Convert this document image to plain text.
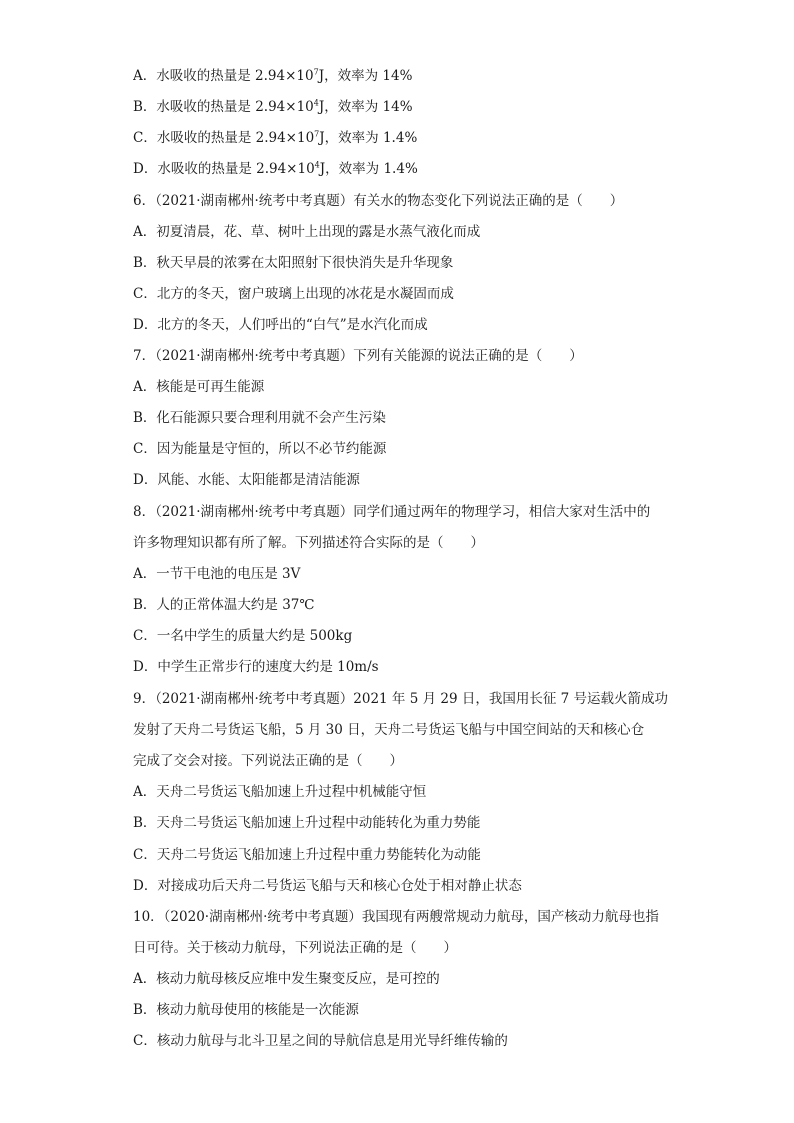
A．水吸收的热量是 $2.94\times 10^7J$，效率为 14%
B．水吸收的热量是 $2.94\times 10^4J$，效率为 14%
C．水吸收的热量是 $2.94\times 10^7J$，效率为 1.4%
D．水吸收的热量是 $2.94\times 10^4J$，效率为 1.4%
6．（2021·湖南郴州·统考中考真题）有关水的物态变化下列说法正确的是（　　）
A．初夏清晨，花、草、树叶上出现的露是水蒸气液化而成
B．秋天早晨的浓雾在太阳照射下很快消失是升华现象
C．北方的冬天，窗户玻璃上出现的冰花是水凝固而成
D．北方的冬天，人们呼出的“白气”是水汽化而成
7．（2021·湖南郴州·统考中考真题）下列有关能源的说法正确的是（　　）
A．核能是可再生能源
B．化石能源只要合理利用就不会产生污染
C．因为能量是守恒的，所以不必节约能源
D．风能、水能、太阳能都是清洁能源
8．（2021·湖南郴州·统考中考真题）同学们通过两年的物理学习，相信大家对生活中的
许多物理知识都有所了解。下列描述符合实际的是（　　）
A．一节干电池的电压是 3V
B．人的正常体温大约是 37℃
C．一名中学生的质量大约是 500kg
D．中学生正常步行的速度大约是 10m/s
9．（2021·湖南郴州·统考中考真题）2021 年 5 月 29 日，我国用长征 7 号运载火箭成功
发射了天舟二号货运飞船，5 月 30 日，天舟二号货运飞船与中国空间站的天和核心仓
完成了交会对接。下列说法正确的是（　　）
A．天舟二号货运飞船加速上升过程中机械能守恒
B．天舟二号货运飞船加速上升过程中动能转化为重力势能
C．天舟二号货运飞船加速上升过程中重力势能转化为动能
D．对接成功后天舟二号货运飞船与天和核心仓处于相对静止状态
10．（2020·湖南郴州·统考中考真题）我国现有两艘常规动力航母，国产核动力航母也指
日可待。关于核动力航母，下列说法正确的是（　　）
A．核动力航母核反应堆中发生聚变反应，是可控的
B．核动力航母使用的核能是一次能源
C．核动力航母与北斗卫星之间的导航信息是用光导纤维传输的
